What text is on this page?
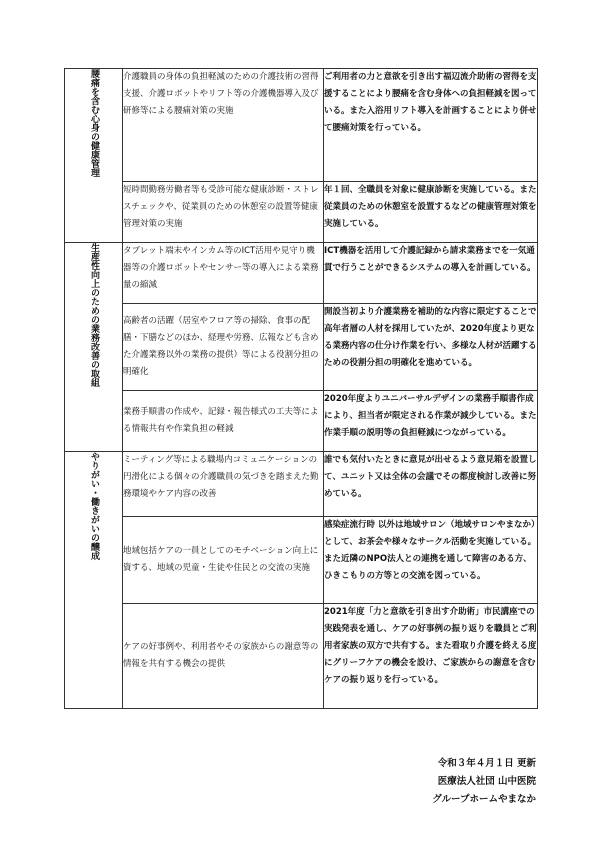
腰痛を含む心身の健康管理	介護職員の身体の負担軽減のための介護技術の習得支援、介護ロボットやリフト等の介護機器導入及び研修等による腰痛対策の実施	ご利用者の力と意欲を引き出す福辺流介助術の習得を支援することにより腰痛を含む身体への負担軽減を図っている。また入浴用リフト導入を計画することにより併せて腰痛対策を行っている。
	短時間勤務労働者等も受診可能な健康診断・ストレスチェックや、従業員のための休憩室の設置等健康管理対策の実施	年１回、全職員を対象に健康診断を実施している。また従業員のための休憩室を設置するなどの健康管理対策を実施している。

生産性向上のための業務改善の取組	タブレット端末やインカム等のICT活用や見守り機器等の介護ロボットやセンサー等の導入による業務量の縮減	ICT機器を活用して介護記録から請求業務までを一気通貫で行うことができるシステムの導入を計画している。
	高齢者の活躍（居室やフロア等の掃除、食事の配膳・下膳などのほか、経理や労務、広報なども含めた介護業務以外の業務の提供）等による役割分担の明確化	開設当初より介護業務を補助的な内容に限定することで高年者層の人材を採用していたが、2020年度より更なる業務内容の仕分け作業を行い、多様な人材が活躍するための役割分担の明確化を進めている。
	業務手順書の作成や、記録・報告様式の工夫等による情報共有や作業負担の軽減	2020年度よりユニバーサルデザインの業務手順書作成により、担当者が限定される作業が減少している。また作業手順の説明等の負担軽減につながっている。

やりがい・働きがいの醸成	ミーティング等による職場内コミュニケーションの円滑化による個々の介護職員の気づきを踏まえた勤務環境やケア内容の改善	誰でも気付いたときに意見が出せるよう意見箱を設置して、ユニット又は全体の会議でその都度検討し改善に努めている。
	地域包括ケアの一員としてのモチベーション向上に資する、地域の児童・生徒や住民との交流の実施	感染症流行時 以外は地域サロン（地域サロンやまなか）として、お茶会や様々なサークル活動を実施している。また近隣のNPO法人との連携を通して障害のある方、ひきこもりの方等との交流を図っている。
	ケアの好事例や、利用者やその家族からの謝意等の情報を共有する機会の提供	2021年度「力と意欲を引き出す介助術」市民講座での実践発表を通し、ケアの好事例の振り返りを職員とご利用者家族の双方で共有する。また看取り介護を終える度にグリーフケアの機会を設け、ご家族からの謝意を含むケアの振り返りを行っている。
令和３年４月１日 更新
医療法人社団 山中医院
グループホームやまなか
